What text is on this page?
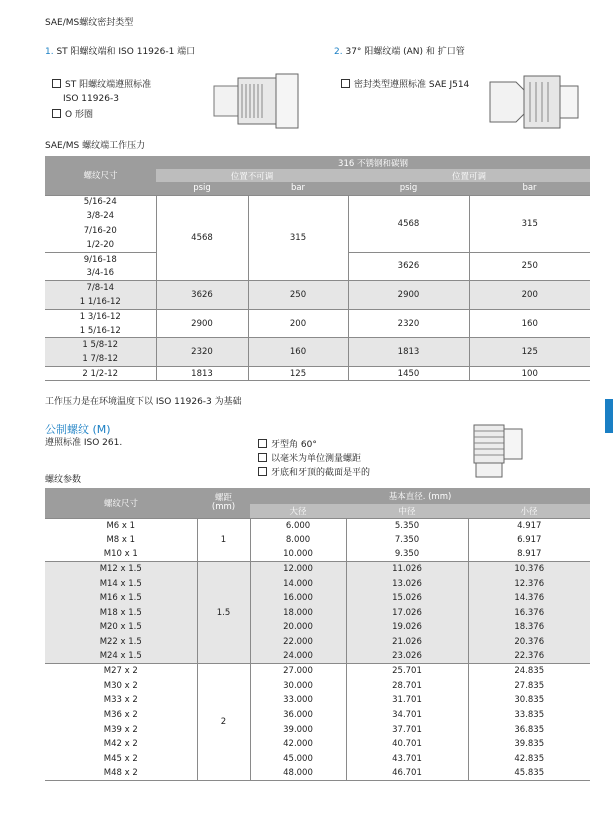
SAE/MS螺纹密封类型
1. ST 阳螺纹端和 ISO 11926-1 端口
ST 阳螺纹端遵照标准
ISO 11926-3
O 形圈
2. 37° 阳螺纹端 (AN) 和 扩口管
密封类型遵照标准 SAE J514
SAE/MS 螺纹端工作压力
螺纹尺寸	316 不锈钢和碳钢			
	位置不可调		位置可调	
	psig	bar	psig	bar
5/16-24	4568	315	4568	315
3/8-24				
7/16-20				
1/2-20				
9/16-18			3626	250
3/4-16				
7/8-14	3626	250	2900	200
1 1/16-12				
1 3/16-12	2900	200	2320	160
1 5/16-12				
1 5/8-12	2320	160	1813	125
1 7/8-12				
2 1/2-12	1813	125	1450	100
工作压力是在环境温度下以 ISO 11926-3 为基础
公制螺纹 (M)
遵照标准 ISO 261.	牙型角 60°
以毫米为单位测量螺距
牙底和牙顶的截面是平的
螺纹参数
螺纹尺寸	螺距
(mm)	基本直径. (mm)		
		大径	中径	小径
M6 x 1	1	6.000	5.350	4.917
M8 x 1		8.000	7.350	6.917
M10 x 1		10.000	9.350	8.917
M12 x 1.5	1.5	12.000	11.026	10.376
M14 x 1.5		14.000	13.026	12.376
M16 x 1.5		16.000	15.026	14.376
M18 x 1.5		18.000	17.026	16.376
M20 x 1.5		20.000	19.026	18.376
M22 x 1.5		22.000	21.026	20.376
M24 x 1.5		24.000	23.026	22.376
M27 x 2	2	27.000	25.701	24.835
M30 x 2		30.000	28.701	27.835
M33 x 2		33.000	31.701	30.835
M36 x 2		36.000	34.701	33.835
M39 x 2		39.000	37.701	36.835
M42 x 2		42.000	40.701	39.835
M45 x 2		45.000	43.701	42.835
M48 x 2		48.000	46.701	45.835
